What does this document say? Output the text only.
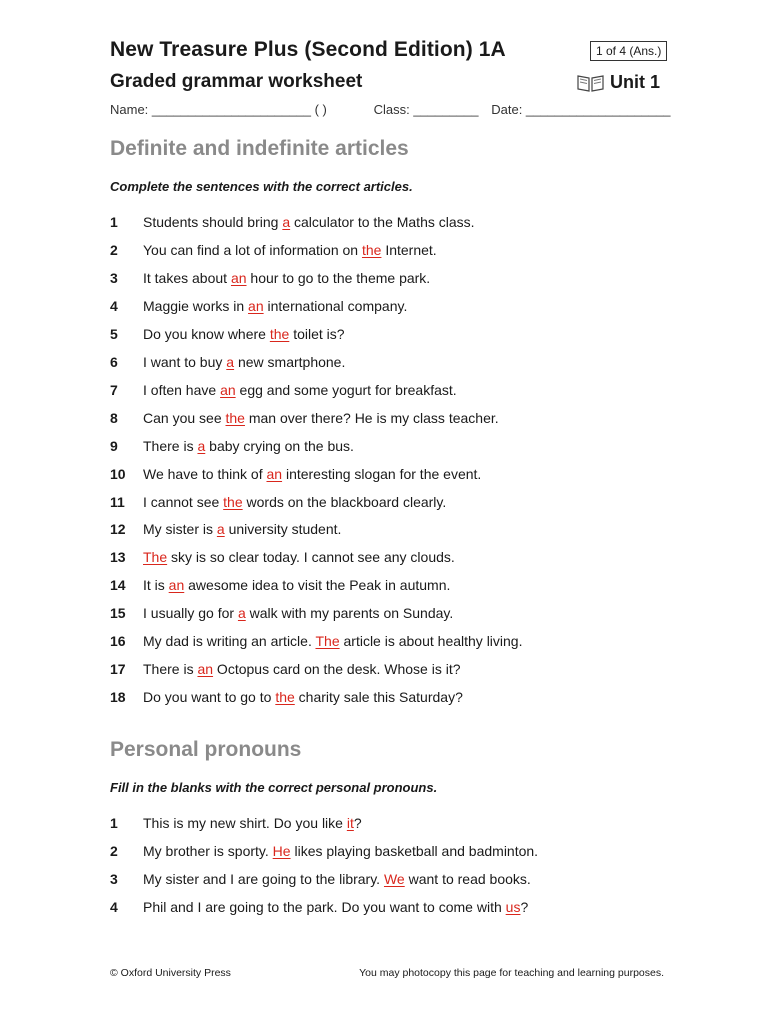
New Treasure Plus (Second Edition) 1A
Graded grammar worksheet
1 of 4 (Ans.)
Unit 1
Name: ______________________ ( )	Class: _________ Date: ____________________
Definite and indefinite articles
Complete the sentences with the correct articles.
1 Students should bring a calculator to the Maths class.
2 You can find a lot of information on the Internet.
3 It takes about an hour to go to the theme park.
4 Maggie works in an international company.
5 Do you know where the toilet is?
6 I want to buy a new smartphone.
7 I often have an egg and some yogurt for breakfast.
8 Can you see the man over there? He is my class teacher.
9 There is a baby crying on the bus.
10 We have to think of an interesting slogan for the event.
11 I cannot see the words on the blackboard clearly.
12 My sister is a university student.
13 The sky is so clear today. I cannot see any clouds.
14 It is an awesome idea to visit the Peak in autumn.
15 I usually go for a walk with my parents on Sunday.
16 My dad is writing an article. The article is about healthy living.
17 There is an Octopus card on the desk. Whose is it?
18 Do you want to go to the charity sale this Saturday?
Personal pronouns
Fill in the blanks with the correct personal pronouns.
1 This is my new shirt. Do you like it?
2 My brother is sporty. He likes playing basketball and badminton.
3 My sister and I are going to the library. We want to read books.
4 Phil and I are going to the park. Do you want to come with us?
© Oxford University Press	You may photocopy this page for teaching and learning purposes.
